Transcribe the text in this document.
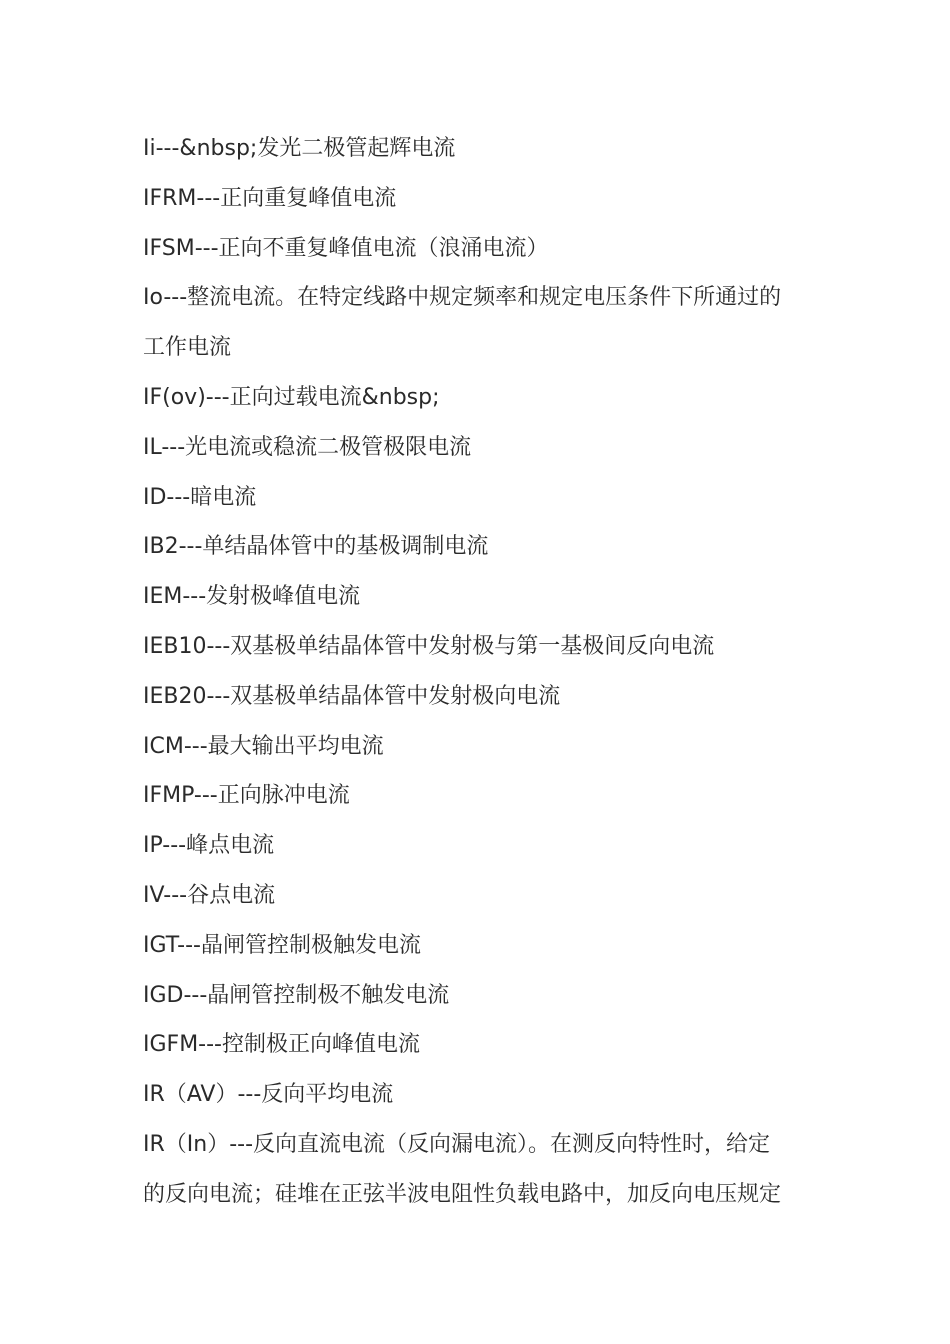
Ii---&nbsp;发光二极管起辉电流
IFRM---正向重复峰值电流
IFSM---正向不重复峰值电流（浪涌电流）
Io---整流电流。在特定线路中规定频率和规定电压条件下所通过的
工作电流
IF(ov)---正向过载电流&nbsp;
IL---光电流或稳流二极管极限电流
ID---暗电流
IB2---单结晶体管中的基极调制电流
IEM---发射极峰值电流
IEB10---双基极单结晶体管中发射极与第一基极间反向电流
IEB20---双基极单结晶体管中发射极向电流
ICM---最大输出平均电流
IFMP---正向脉冲电流
IP---峰点电流
IV---谷点电流
IGT---晶闸管控制极触发电流
IGD---晶闸管控制极不触发电流
IGFM---控制极正向峰值电流
IR（AV）---反向平均电流
IR（In）---反向直流电流（反向漏电流）。在测反向特性时，给定
的反向电流；硅堆在正弦半波电阻性负载电路中，加反向电压规定
